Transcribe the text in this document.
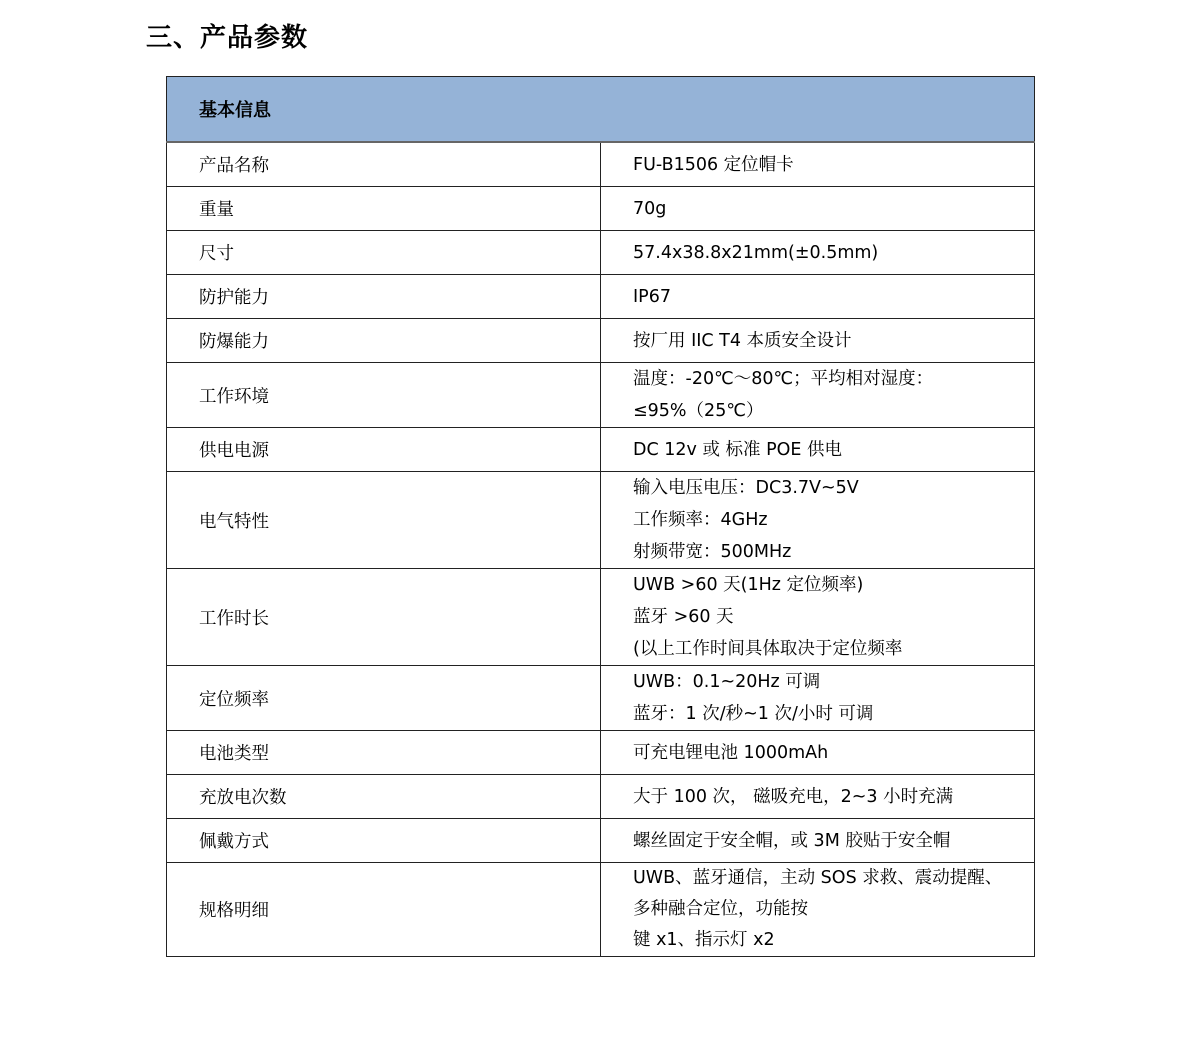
三、产品参数
基本信息	
产品名称	FU-B1506 定位帽卡

重量	70g

尺寸	57.4x38.8x21mm(±0.5mm)

防护能力	IP67

防爆能力	按厂用 IIC T4 本质安全设计

工作环境	温度：-20℃～80℃；平均相对湿度：≤95%（25℃）

供电电源	DC 12v 或 标准 POE 供电

电气特性	输入电压电压：DC3.7V~5V
工作频率：4GHz
射频带宽：500MHz

工作时长	UWB >60 天(1Hz 定位频率)
蓝牙 >60 天
(以上工作时间具体取决于定位频率

定位频率	UWB：0.1~20Hz 可调
蓝牙：1 次/秒~1 次/小时 可调

电池类型	可充电锂电池 1000mAh

充放电次数	大于 100 次， 磁吸充电，2~3 小时充满

佩戴方式	螺丝固定于安全帽，或 3M 胶贴于安全帽

规格明细	UWB、蓝牙通信，主动 SOS 求救、震动提醒、多种融合定位，功能按
键 x1、指示灯 x2
